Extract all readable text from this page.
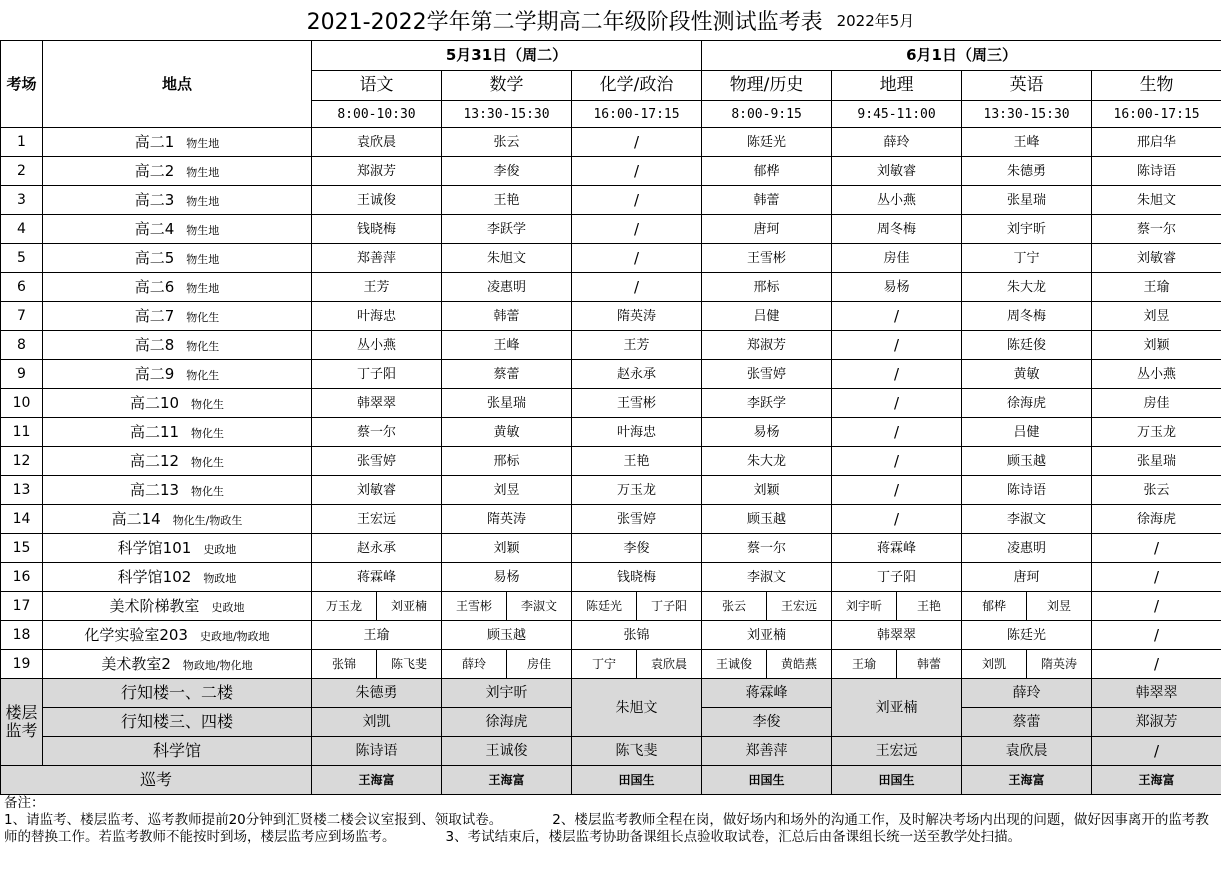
2021-2022学年第二学期高二年级阶段性测试监考表 2022年5月
考场	地点	5月31日（周二）						6月1日（周三）						
		语文		数学		化学/政治		物理/历史		地理		英语		生物
		8:00-10:30		13:30-15:30		16:00-17:15		8:00-9:15		9:45-11:00		13:30-15:30		16:00-17:15
1	高二1 物生地	袁欣晨		张云		/		陈廷光		薛玲		王峰		邢启华
2	高二2 物生地	郑淑芳		李俊		/		郁桦		刘敏睿		朱德勇		陈诗语
3	高二3 物生地	王诚俊		王艳		/		韩蕾		丛小燕		张星瑞		朱旭文
4	高二4 物生地	钱晓梅		李跃学		/		唐珂		周冬梅		刘宇昕		蔡一尔
5	高二5 物生地	郑善萍		朱旭文		/		王雪彬		房佳		丁宁		刘敏睿
6	高二6 物生地	王芳		凌惠明		/		邢标		易杨		朱大龙		王瑜
7	高二7 物化生	叶海忠		韩蕾		隋英涛		吕健		/		周冬梅		刘昱
8	高二8 物化生	丛小燕		王峰		王芳		郑淑芳		/		陈廷俊		刘颖
9	高二9 物化生	丁子阳		蔡蕾		赵永承		张雪婷		/		黄敏		丛小燕
10	高二10 物化生	韩翠翠		张星瑞		王雪彬		李跃学		/		徐海虎		房佳
11	高二11 物化生	蔡一尔		黄敏		叶海忠		易杨		/		吕健		万玉龙
12	高二12 物化生	张雪婷		邢标		王艳		朱大龙		/		顾玉越		张星瑞
13	高二13 物化生	刘敏睿		刘昱		万玉龙		刘颖		/		陈诗语		张云
14	高二14 物化生/物政生	王宏远		隋英涛		张雪婷		顾玉越		/		李淑文		徐海虎
15	科学馆101 史政地	赵永承		刘颖		李俊		蔡一尔		蒋霖峰		凌惠明		/
16	科学馆102 物政地	蒋霖峰		易杨		钱晓梅		李淑文		丁子阳		唐珂		/
17	美术阶梯教室 史政地	万玉龙	刘亚楠	王雪彬	李淑文	陈廷光	丁子阳	张云	王宏远	刘宇昕	王艳	郁桦	刘昱	/
18	化学实验室203 史政地/物政地	王瑜		顾玉越		张锦		刘亚楠		韩翠翠		陈廷光		/
19	美术教室2 物政地/物化地	张锦	陈飞斐	薛玲	房佳	丁宁	袁欣晨	王诚俊	黄皓燕	王瑜	韩蕾	刘凯	隋英涛	/
楼层监考	行知楼一、二楼	朱德勇		刘宇昕		朱旭文		蒋霖峰		刘亚楠		薛玲		韩翠翠
	行知楼三、四楼	刘凯		徐海虎				李俊				蔡蕾		郑淑芳
	科学馆	陈诗语		王诚俊		陈飞斐		郑善萍		王宏远		袁欣晨		/
巡考		王海富		王海富		田国生		田国生		田国生		王海富		王海富
备注：
1、请监考、楼层监考、巡考教师提前20分钟到汇贤楼二楼会议室报到、领取试卷。	2、楼层监考教师全程在岗，做好场内和场外的沟通工作，及时解决考场内出现的问题，做好因事离开的监考教师的替换工作。若监考教师不能按时到场，楼层监考应到场监考。	3、考试结束后，楼层监考协助备课组长点验收取试卷，汇总后由备课组长统一送至教学处扫描。
